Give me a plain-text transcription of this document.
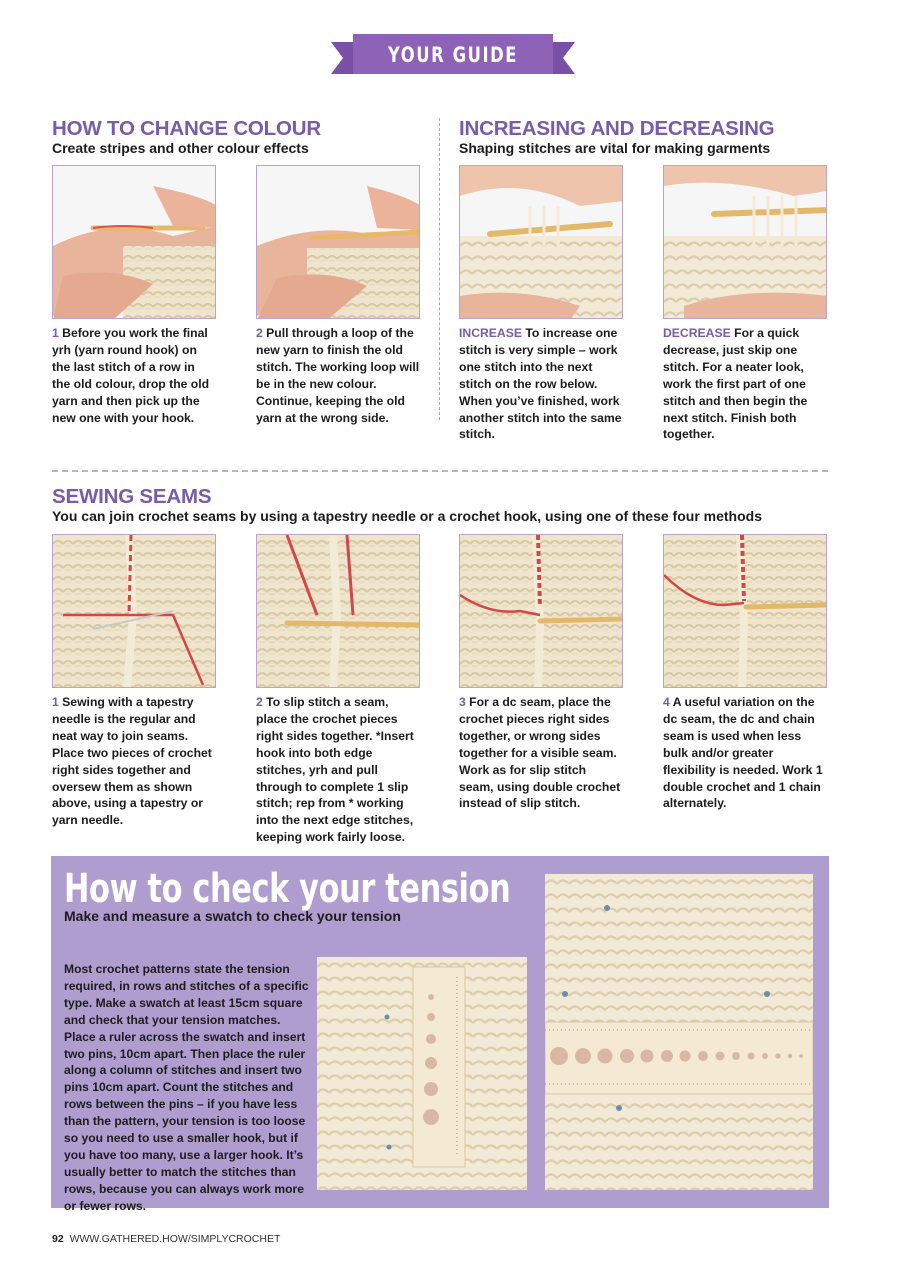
YOUR GUIDE
HOW TO CHANGE COLOUR
Create stripes and other colour effects
INCREASING AND DECREASING
Shaping stitches are vital for making garments
1 Before you work the final yrh (yarn round hook) on the last stitch of a row in the old colour, drop the old yarn and then pick up the new one with your hook.
2 Pull through a loop of the new yarn to finish the old stitch. The working loop will be in the new colour. Continue, keeping the old yarn at the wrong side.
INCREASE To increase one stitch is very simple – work one stitch into the next stitch on the row below. When you’ve finished, work another stitch into the same stitch.
DECREASE For a quick decrease, just skip one stitch. For a neater look, work the first part of one stitch and then begin the next stitch. Finish both together.
SEWING SEAMS
You can join crochet seams by using a tapestry needle or a crochet hook, using one of these four methods
1 Sewing with a tapestry needle is the regular and neat way to join seams. Place two pieces of crochet right sides together and oversew them as shown above, using a tapestry or yarn needle.
2 To slip stitch a seam, place the crochet pieces right sides together. *Insert hook into both edge stitches, yrh and pull through to complete 1 slip stitch; rep from * working into the next edge stitches, keeping work fairly loose.
3 For a dc seam, place the crochet pieces right sides together, or wrong sides together for a visible seam. Work as for slip stitch seam, using double crochet instead of slip stitch.
4 A useful variation on the dc seam, the dc and chain seam is used when less bulk and/or greater flexibility is needed. Work 1 double crochet and 1 chain alternately.
How to check your tension
Make and measure a swatch to check your tension
Most crochet patterns state the tension required, in rows and stitches of a specific type. Make a swatch at least 15cm square and check that your tension matches. Place a ruler across the swatch and insert two pins, 10cm apart. Then place the ruler along a column of stitches and insert two pins 10cm apart. Count the stitches and rows between the pins – if you have less than the pattern, your tension is too loose so you need to use a smaller hook, but if you have too many, use a larger hook. It’s usually better to match the stitches than rows, because you can always work more or fewer rows.
92 WWW.GATHERED.HOW/SIMPLYCROCHET
